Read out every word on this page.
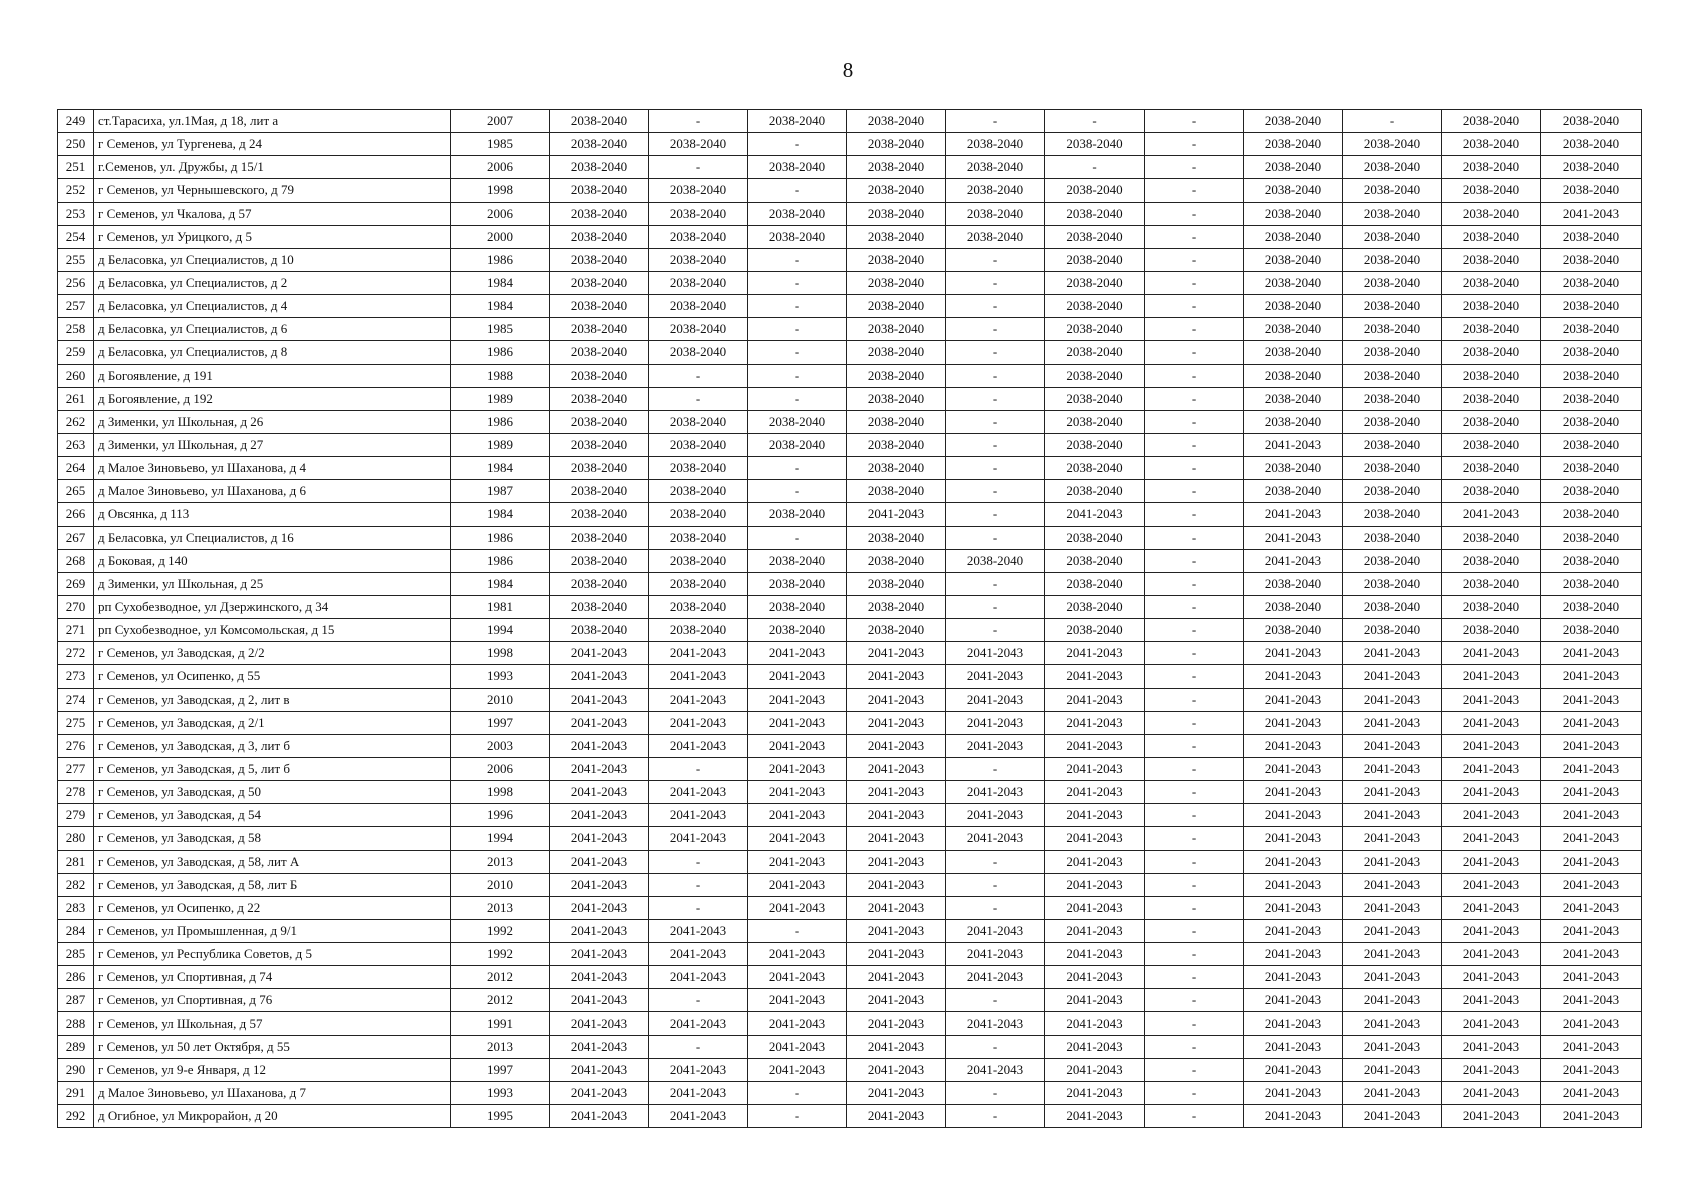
8
249	ст.Тарасиха, ул.1Мая, д 18, лит а	2007	2038-2040	-	2038-2040	2038-2040	-	-	-	2038-2040	-	2038-2040	2038-2040
250	г Семенов, ул Тургенева, д 24	1985	2038-2040	2038-2040	-	2038-2040	2038-2040	2038-2040	-	2038-2040	2038-2040	2038-2040	2038-2040
251	г.Семенов, ул. Дружбы, д 15/1	2006	2038-2040	-	2038-2040	2038-2040	2038-2040	-	-	2038-2040	2038-2040	2038-2040	2038-2040
252	г Семенов, ул Чернышевского, д 79	1998	2038-2040	2038-2040	-	2038-2040	2038-2040	2038-2040	-	2038-2040	2038-2040	2038-2040	2038-2040
253	г Семенов, ул Чкалова, д 57	2006	2038-2040	2038-2040	2038-2040	2038-2040	2038-2040	2038-2040	-	2038-2040	2038-2040	2038-2040	2041-2043
254	г Семенов, ул Урицкого, д 5	2000	2038-2040	2038-2040	2038-2040	2038-2040	2038-2040	2038-2040	-	2038-2040	2038-2040	2038-2040	2038-2040
255	д Беласовка, ул Специалистов, д 10	1986	2038-2040	2038-2040	-	2038-2040	-	2038-2040	-	2038-2040	2038-2040	2038-2040	2038-2040
256	д Беласовка, ул Специалистов, д 2	1984	2038-2040	2038-2040	-	2038-2040	-	2038-2040	-	2038-2040	2038-2040	2038-2040	2038-2040
257	д Беласовка, ул Специалистов, д 4	1984	2038-2040	2038-2040	-	2038-2040	-	2038-2040	-	2038-2040	2038-2040	2038-2040	2038-2040
258	д Беласовка, ул Специалистов, д 6	1985	2038-2040	2038-2040	-	2038-2040	-	2038-2040	-	2038-2040	2038-2040	2038-2040	2038-2040
259	д Беласовка, ул Специалистов, д 8	1986	2038-2040	2038-2040	-	2038-2040	-	2038-2040	-	2038-2040	2038-2040	2038-2040	2038-2040
260	д Богоявление, д 191	1988	2038-2040	-	-	2038-2040	-	2038-2040	-	2038-2040	2038-2040	2038-2040	2038-2040
261	д Богоявление, д 192	1989	2038-2040	-	-	2038-2040	-	2038-2040	-	2038-2040	2038-2040	2038-2040	2038-2040
262	д Зименки, ул Школьная, д 26	1986	2038-2040	2038-2040	2038-2040	2038-2040	-	2038-2040	-	2038-2040	2038-2040	2038-2040	2038-2040
263	д Зименки, ул Школьная, д 27	1989	2038-2040	2038-2040	2038-2040	2038-2040	-	2038-2040	-	2041-2043	2038-2040	2038-2040	2038-2040
264	д Малое Зиновьево, ул Шаханова, д 4	1984	2038-2040	2038-2040	-	2038-2040	-	2038-2040	-	2038-2040	2038-2040	2038-2040	2038-2040
265	д Малое Зиновьево, ул Шаханова, д 6	1987	2038-2040	2038-2040	-	2038-2040	-	2038-2040	-	2038-2040	2038-2040	2038-2040	2038-2040
266	д Овсянка, д 113	1984	2038-2040	2038-2040	2038-2040	2041-2043	-	2041-2043	-	2041-2043	2038-2040	2041-2043	2038-2040
267	д Беласовка, ул Специалистов, д 16	1986	2038-2040	2038-2040	-	2038-2040	-	2038-2040	-	2041-2043	2038-2040	2038-2040	2038-2040
268	д Боковая, д 140	1986	2038-2040	2038-2040	2038-2040	2038-2040	2038-2040	2038-2040	-	2041-2043	2038-2040	2038-2040	2038-2040
269	д Зименки, ул Школьная, д 25	1984	2038-2040	2038-2040	2038-2040	2038-2040	-	2038-2040	-	2038-2040	2038-2040	2038-2040	2038-2040
270	рп Сухобезводное, ул Дзержинского, д 34	1981	2038-2040	2038-2040	2038-2040	2038-2040	-	2038-2040	-	2038-2040	2038-2040	2038-2040	2038-2040
271	рп Сухобезводное, ул Комсомольская, д 15	1994	2038-2040	2038-2040	2038-2040	2038-2040	-	2038-2040	-	2038-2040	2038-2040	2038-2040	2038-2040
272	г Семенов, ул Заводская, д 2/2	1998	2041-2043	2041-2043	2041-2043	2041-2043	2041-2043	2041-2043	-	2041-2043	2041-2043	2041-2043	2041-2043
273	г Семенов, ул Осипенко, д 55	1993	2041-2043	2041-2043	2041-2043	2041-2043	2041-2043	2041-2043	-	2041-2043	2041-2043	2041-2043	2041-2043
274	г Семенов, ул Заводская, д 2, лит в	2010	2041-2043	2041-2043	2041-2043	2041-2043	2041-2043	2041-2043	-	2041-2043	2041-2043	2041-2043	2041-2043
275	г Семенов, ул Заводская, д 2/1	1997	2041-2043	2041-2043	2041-2043	2041-2043	2041-2043	2041-2043	-	2041-2043	2041-2043	2041-2043	2041-2043
276	г Семенов, ул Заводская, д 3, лит б	2003	2041-2043	2041-2043	2041-2043	2041-2043	2041-2043	2041-2043	-	2041-2043	2041-2043	2041-2043	2041-2043
277	г Семенов, ул Заводская, д 5, лит б	2006	2041-2043	-	2041-2043	2041-2043	-	2041-2043	-	2041-2043	2041-2043	2041-2043	2041-2043
278	г Семенов, ул Заводская, д 50	1998	2041-2043	2041-2043	2041-2043	2041-2043	2041-2043	2041-2043	-	2041-2043	2041-2043	2041-2043	2041-2043
279	г Семенов, ул Заводская, д 54	1996	2041-2043	2041-2043	2041-2043	2041-2043	2041-2043	2041-2043	-	2041-2043	2041-2043	2041-2043	2041-2043
280	г Семенов, ул Заводская, д 58	1994	2041-2043	2041-2043	2041-2043	2041-2043	2041-2043	2041-2043	-	2041-2043	2041-2043	2041-2043	2041-2043
281	г Семенов, ул Заводская, д 58, лит А	2013	2041-2043	-	2041-2043	2041-2043	-	2041-2043	-	2041-2043	2041-2043	2041-2043	2041-2043
282	г Семенов, ул Заводская, д 58, лит Б	2010	2041-2043	-	2041-2043	2041-2043	-	2041-2043	-	2041-2043	2041-2043	2041-2043	2041-2043
283	г Семенов, ул Осипенко, д 22	2013	2041-2043	-	2041-2043	2041-2043	-	2041-2043	-	2041-2043	2041-2043	2041-2043	2041-2043
284	г Семенов, ул Промышленная, д 9/1	1992	2041-2043	2041-2043	-	2041-2043	2041-2043	2041-2043	-	2041-2043	2041-2043	2041-2043	2041-2043
285	г Семенов, ул Республика Советов, д 5	1992	2041-2043	2041-2043	2041-2043	2041-2043	2041-2043	2041-2043	-	2041-2043	2041-2043	2041-2043	2041-2043
286	г Семенов, ул Спортивная, д 74	2012	2041-2043	2041-2043	2041-2043	2041-2043	2041-2043	2041-2043	-	2041-2043	2041-2043	2041-2043	2041-2043
287	г Семенов, ул Спортивная, д 76	2012	2041-2043	-	2041-2043	2041-2043	-	2041-2043	-	2041-2043	2041-2043	2041-2043	2041-2043
288	г Семенов, ул Школьная, д 57	1991	2041-2043	2041-2043	2041-2043	2041-2043	2041-2043	2041-2043	-	2041-2043	2041-2043	2041-2043	2041-2043
289	г Семенов, ул 50 лет Октября, д 55	2013	2041-2043	-	2041-2043	2041-2043	-	2041-2043	-	2041-2043	2041-2043	2041-2043	2041-2043
290	г Семенов, ул 9-е Января, д 12	1997	2041-2043	2041-2043	2041-2043	2041-2043	2041-2043	2041-2043	-	2041-2043	2041-2043	2041-2043	2041-2043
291	д Малое Зиновьево, ул Шаханова, д 7	1993	2041-2043	2041-2043	-	2041-2043	-	2041-2043	-	2041-2043	2041-2043	2041-2043	2041-2043
292	д Огибное, ул Микрорайон, д 20	1995	2041-2043	2041-2043	-	2041-2043	-	2041-2043	-	2041-2043	2041-2043	2041-2043	2041-2043
